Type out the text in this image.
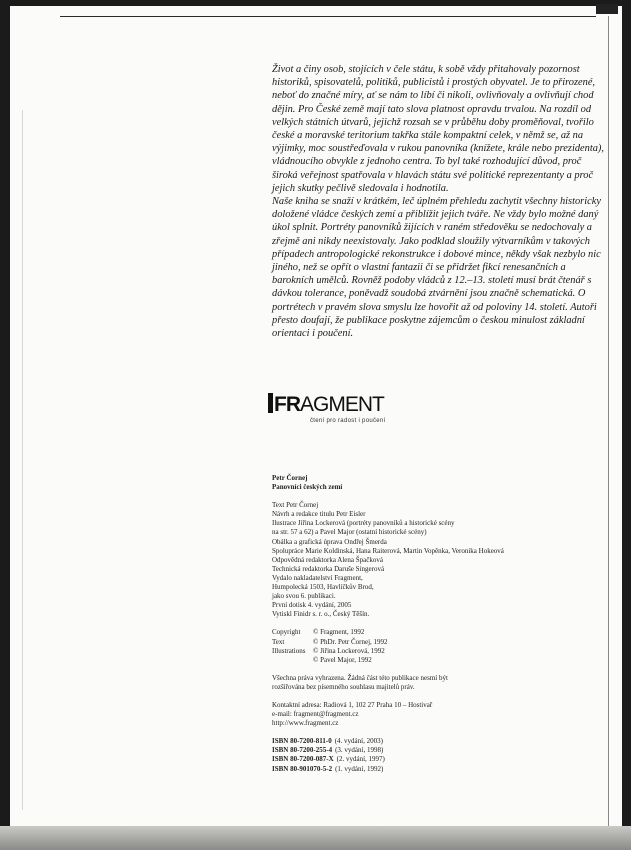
Život a činy osob, stojících v čele státu, k sobě vždy přitahovaly pozornost historiků, spisovatelů, politiků, publicistů i prostých obyvatel. Je to přirozené, neboť do značné míry, ať se nám to líbí či nikoli, ovlivňovaly a ovlivňují chod dějin. Pro České země mají tato slova platnost opravdu trvalou. Na rozdíl od velkých státních útvarů, jejichž rozsah se v průběhu doby proměňoval, tvořilo české a moravské teritorium takřka stále kompaktní celek, v němž se, až na výjimky, moc soustřeďovala v rukou panovníka (knížete, krále nebo prezidenta), vládnoucího obvykle z jednoho centra. To byl také rozhodující důvod, proč široká veřejnost spatřovala v hlavách státu své politické reprezentanty a proč jejich skutky pečlivě sledovala i hodnotila.

Naše kniha se snaží v krátkém, leč úplném přehledu zachytit všechny historicky doložené vládce českých zemí a přiblížit jejich tváře. Ne vždy bylo možné daný úkol splnit. Portréty panovníků žijících v raném středověku se nedochovaly a zřejmě ani nikdy neexistovaly. Jako podklad sloužily výtvarníkům v takových případech antropologické rekonstrukce i dobové mince, někdy však nezbylo nic jiného, než se opřít o vlastní fantazii či se přidržet fikcí renesančních a barokních umělců. Rovněž podoby vládců z 12.–13. století musí brát čtenář s dávkou tolerance, poněvadž soudobá ztvárnění jsou značně schematická. O portrétech v pravém slova smyslu lze hovořit až od poloviny 14. století. Autoři přesto doufají, že publikace poskytne zájemcům o českou minulost základní orientaci i poučení.

FRAGMENT
čtení pro radost i poučení
Petr Čornej
Panovníci českých zemí
Text Petr Čornej
Návrh a redakce titulu Petr Eisler
Ilustrace Jiřina Lockerová (portréty panovníků a historické scény
na str. 57 a 62) a Pavel Major (ostatní historické scény)
Obálka a grafická úprava Ondřej Šmerda
Spolupráce Marie Koldinská, Hana Raiterová, Martin Vopěnka, Veronika Hokeová
Odpovědná redaktorka Alena Špačková
Technická redaktorka Daruše Singerová
Vydalo nakladatelství Fragment,
Humpolecká 1503, Havlíčkův Brod,
jako svou 6. publikaci.
První dotisk 4. vydání, 2005
Vytiskl Finidr s. r. o., Český Těšín.
Copyright	© Fragment, 1992
Text	© PhDr. Petr Čornej, 1992
Illustrations	© Jiřina Lockerová, 1992
© Pavel Major, 1992
Všechna práva vyhrazena. Žádná část této publikace nesmí být
rozšiřována bez písemného souhlasu majitelů práv.
Kontaktní adresa: Radiová 1, 102 27 Praha 10 – Hostivař
e-mail: fragment@fragment.cz
http://www.fragment.cz
ISBN 80-7200-811-0 (4. vydání, 2003)
ISBN 80-7200-255-4 (3. vydání, 1998)
ISBN 80-7200-087-X (2. vydání, 1997)
ISBN 80-901070-5-2 (1. vydání, 1992)
